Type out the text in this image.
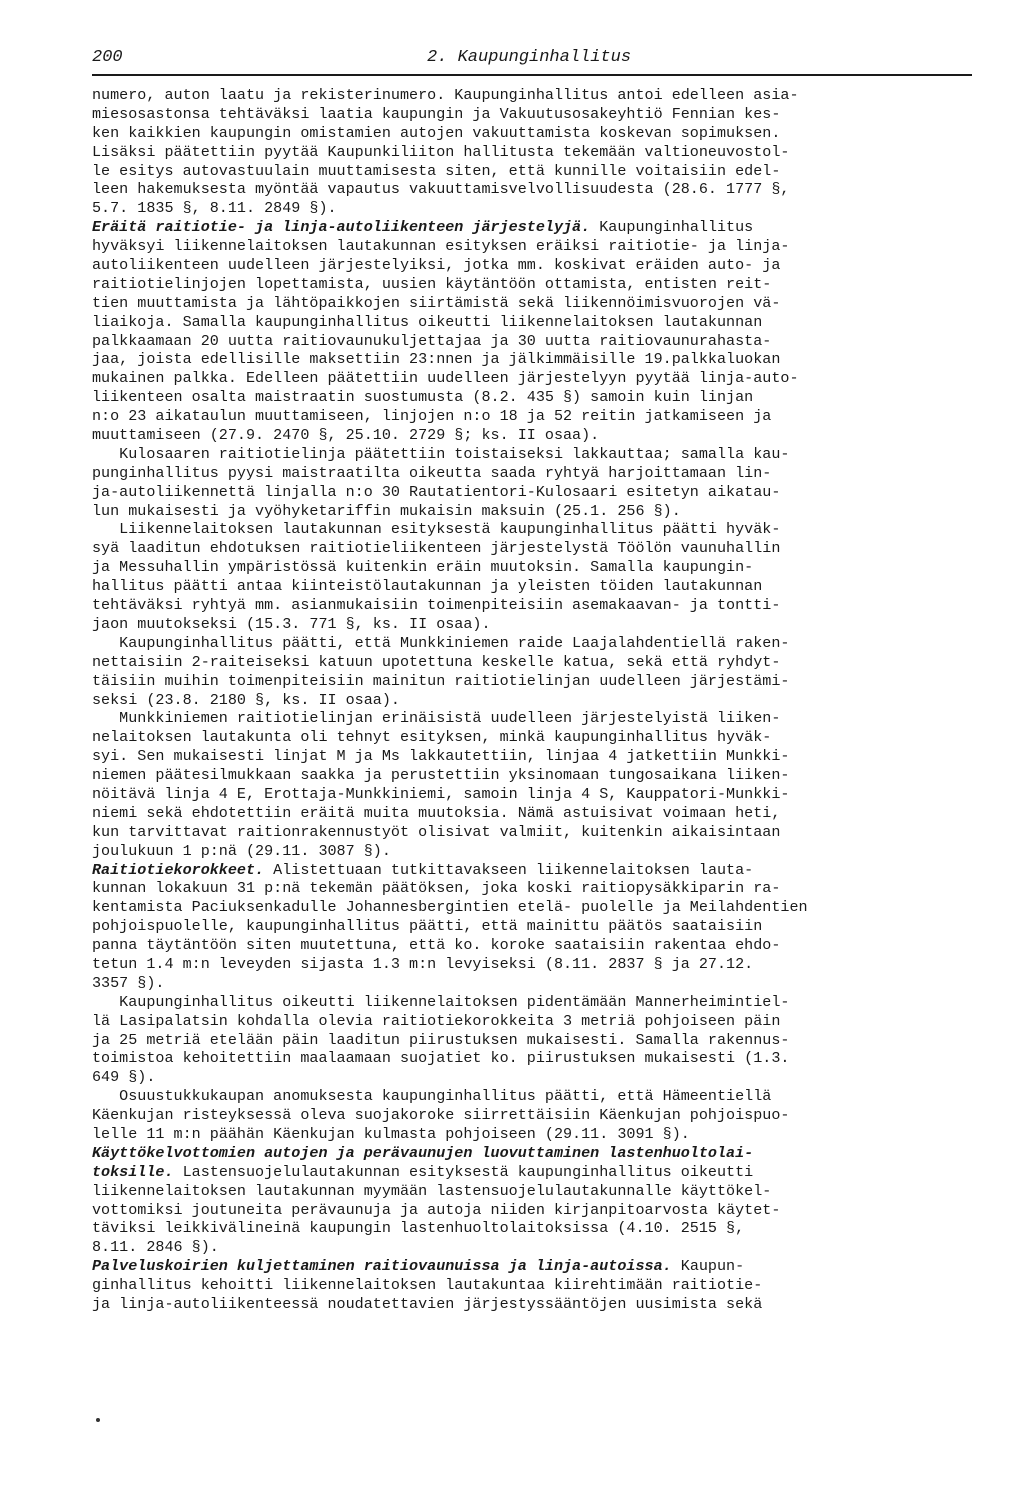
200	2. Kaupunginhallitus
numero, auton laatu ja rekisterinumero. Kaupunginhallitus antoi edelleen asia-
miesosastonsa tehtäväksi laatia kaupungin ja Vakuutusosakeyhtiö Fennian kes-
ken kaikkien kaupungin omistamien autojen vakuuttamista koskevan sopimuksen.
Lisäksi päätettiin pyytää Kaupunkiliiton hallitusta tekemään valtioneuvostol-
le esitys autovastuulain muuttamisesta siten, että kunnille voitaisiin edel-
leen hakemuksesta myöntää vapautus vakuuttamisvelvollisuudesta (28.6. 1777 §,
5.7. 1835 §, 8.11. 2849 §).
Eräitä raitiotie- ja linja-autoliikenteen järjestelyjä. Kaupunginhallitus
hyväksyi liikennelaitoksen lautakunnan esityksen eräiksi raitiotie- ja linja-
autoliikenteen uudelleen järjestelyiksi, jotka mm. koskivat eräiden auto- ja
raitiotielinjojen lopettamista, uusien käytäntöön ottamista, entisten reit-
tien muuttamista ja lähtöpaikkojen siirtämistä sekä liikennöimisvuorojen vä-
liaikoja. Samalla kaupunginhallitus oikeutti liikennelaitoksen lautakunnan
palkkaamaan 20 uutta raitiovaunukuljettajaa ja 30 uutta raitiovaunurahasta-
jaa, joista edellisille maksettiin 23:nnen ja jälkimmäisille 19.palkkaluokan
mukainen palkka. Edelleen päätettiin uudelleen järjestelyyn pyytää linja-auto-
liikenteen osalta maistraatin suostumusta (8.2. 435 §) samoin kuin linjan
n:o 23 aikataulun muuttamiseen, linjojen n:o 18 ja 52 reitin jatkamiseen ja
muuttamiseen (27.9. 2470 §, 25.10. 2729 §; ks. II osaa).
Kulosaaren raitiotielinja päätettiin toistaiseksi lakkauttaa; samalla kau-
punginhallitus pyysi maistraatilta oikeutta saada ryhtyä harjoittamaan lin-
ja-autoliikennettä linjalla n:o 30 Rautatientori-Kulosaari esitetyn aikatau-
lun mukaisesti ja vyöhyketariffin mukaisin maksuin (25.1. 256 §).
Liikennelaitoksen lautakunnan esityksestä kaupunginhallitus päätti hyväk-
syä laaditun ehdotuksen raitiotieliikenteen järjestelystä Töölön vaunuhallin
ja Messuhallin ympäristössä kuitenkin eräin muutoksin. Samalla kaupungin-
hallitus päätti antaa kiinteistölautakunnan ja yleisten töiden lautakunnan
tehtäväksi ryhtyä mm. asianmukaisiin toimenpiteisiin asemakaavan- ja tontti-
jaon muutokseksi (15.3. 771 §, ks. II osaa).
Kaupunginhallitus päätti, että Munkkiniemen raide Laajalahdentiellä raken-
nettaisiin 2-raiteiseksi katuun upotettuna keskelle katua, sekä että ryhdyt-
täisiin muihin toimenpiteisiin mainitun raitiotielinjan uudelleen järjestämi-
seksi (23.8. 2180 §, ks. II osaa).
Munkkiniemen raitiotielinjan erinäisistä uudelleen järjestelyistä liiken-
nelaitoksen lautakunta oli tehnyt esityksen, minkä kaupunginhallitus hyväk-
syi. Sen mukaisesti linjat M ja Ms lakkautettiin, linjaa 4 jatkettiin Munkki-
niemen päätesilmukkaan saakka ja perustettiin yksinomaan tungosaikana liiken-
nöitävä linja 4 E, Erottaja-Munkkiniemi, samoin linja 4 S, Kauppatori-Munkki-
niemi sekä ehdotettiin eräitä muita muutoksia. Nämä astuisivat voimaan heti,
kun tarvittavat raitionrakennustyöt olisivat valmiit, kuitenkin aikaisintaan
joulukuun 1 p:nä (29.11. 3087 §).
Raitiotiekorokkeet. Alistettuaan tutkittavakseen liikennelaitoksen lauta-
kunnan lokakuun 31 p:nä tekemän päätöksen, joka koski raitiopysäkkiparin ra-
kentamista Paciuksenkadulle Johannesbergintien etelä- puolelle ja Meilahdentien
pohjoispuolelle, kaupunginhallitus päätti, että mainittu päätös saataisiin
panna täytäntöön siten muutettuna, että ko. koroke saataisiin rakentaa ehdo-
tetun 1.4 m:n leveyden sijasta 1.3 m:n levyiseksi (8.11. 2837 § ja 27.12.
3357 §).
Kaupunginhallitus oikeutti liikennelaitoksen pidentämään Mannerheimintiel-
lä Lasipalatsin kohdalla olevia raitiotiekorokkeita 3 metriä pohjoiseen päin
ja 25 metriä etelään päin laaditun piirustuksen mukaisesti. Samalla rakennus-
toimistoa kehoitettiin maalaamaan suojatiet ko. piirustuksen mukaisesti (1.3.
649 §).
Osuustukkukaupan anomuksesta kaupunginhallitus päätti, että Hämeentiellä
Käenkujan risteyksessä oleva suojakoroke siirrettäisiin Käenkujan pohjoispuo-
lelle 11 m:n päähän Käenkujan kulmasta pohjoiseen (29.11. 3091 §).
Käyttökelvottomien autojen ja perävaunujen luovuttaminen lastenhuoltolai-
toksille. Lastensuojelulautakunnan esityksestä kaupunginhallitus oikeutti
liikennelaitoksen lautakunnan myymään lastensuojelulautakunnalle käyttökel-
vottomiksi joutuneita perävaunuja ja autoja niiden kirjanpitoarvosta käytet-
täviksi leikkivälineinä kaupungin lastenhuoltolaitoksissa (4.10. 2515 §,
8.11. 2846 §).
Palveluskoirien kuljettaminen raitiovaunuissa ja linja-autoissa. Kaupun-
ginhallitus kehoitti liikennelaitoksen lautakuntaa kiirehtimään raitiotie-
ja linja-autoliikenteessä noudatettavien järjestyssääntöjen uusimista sekä
